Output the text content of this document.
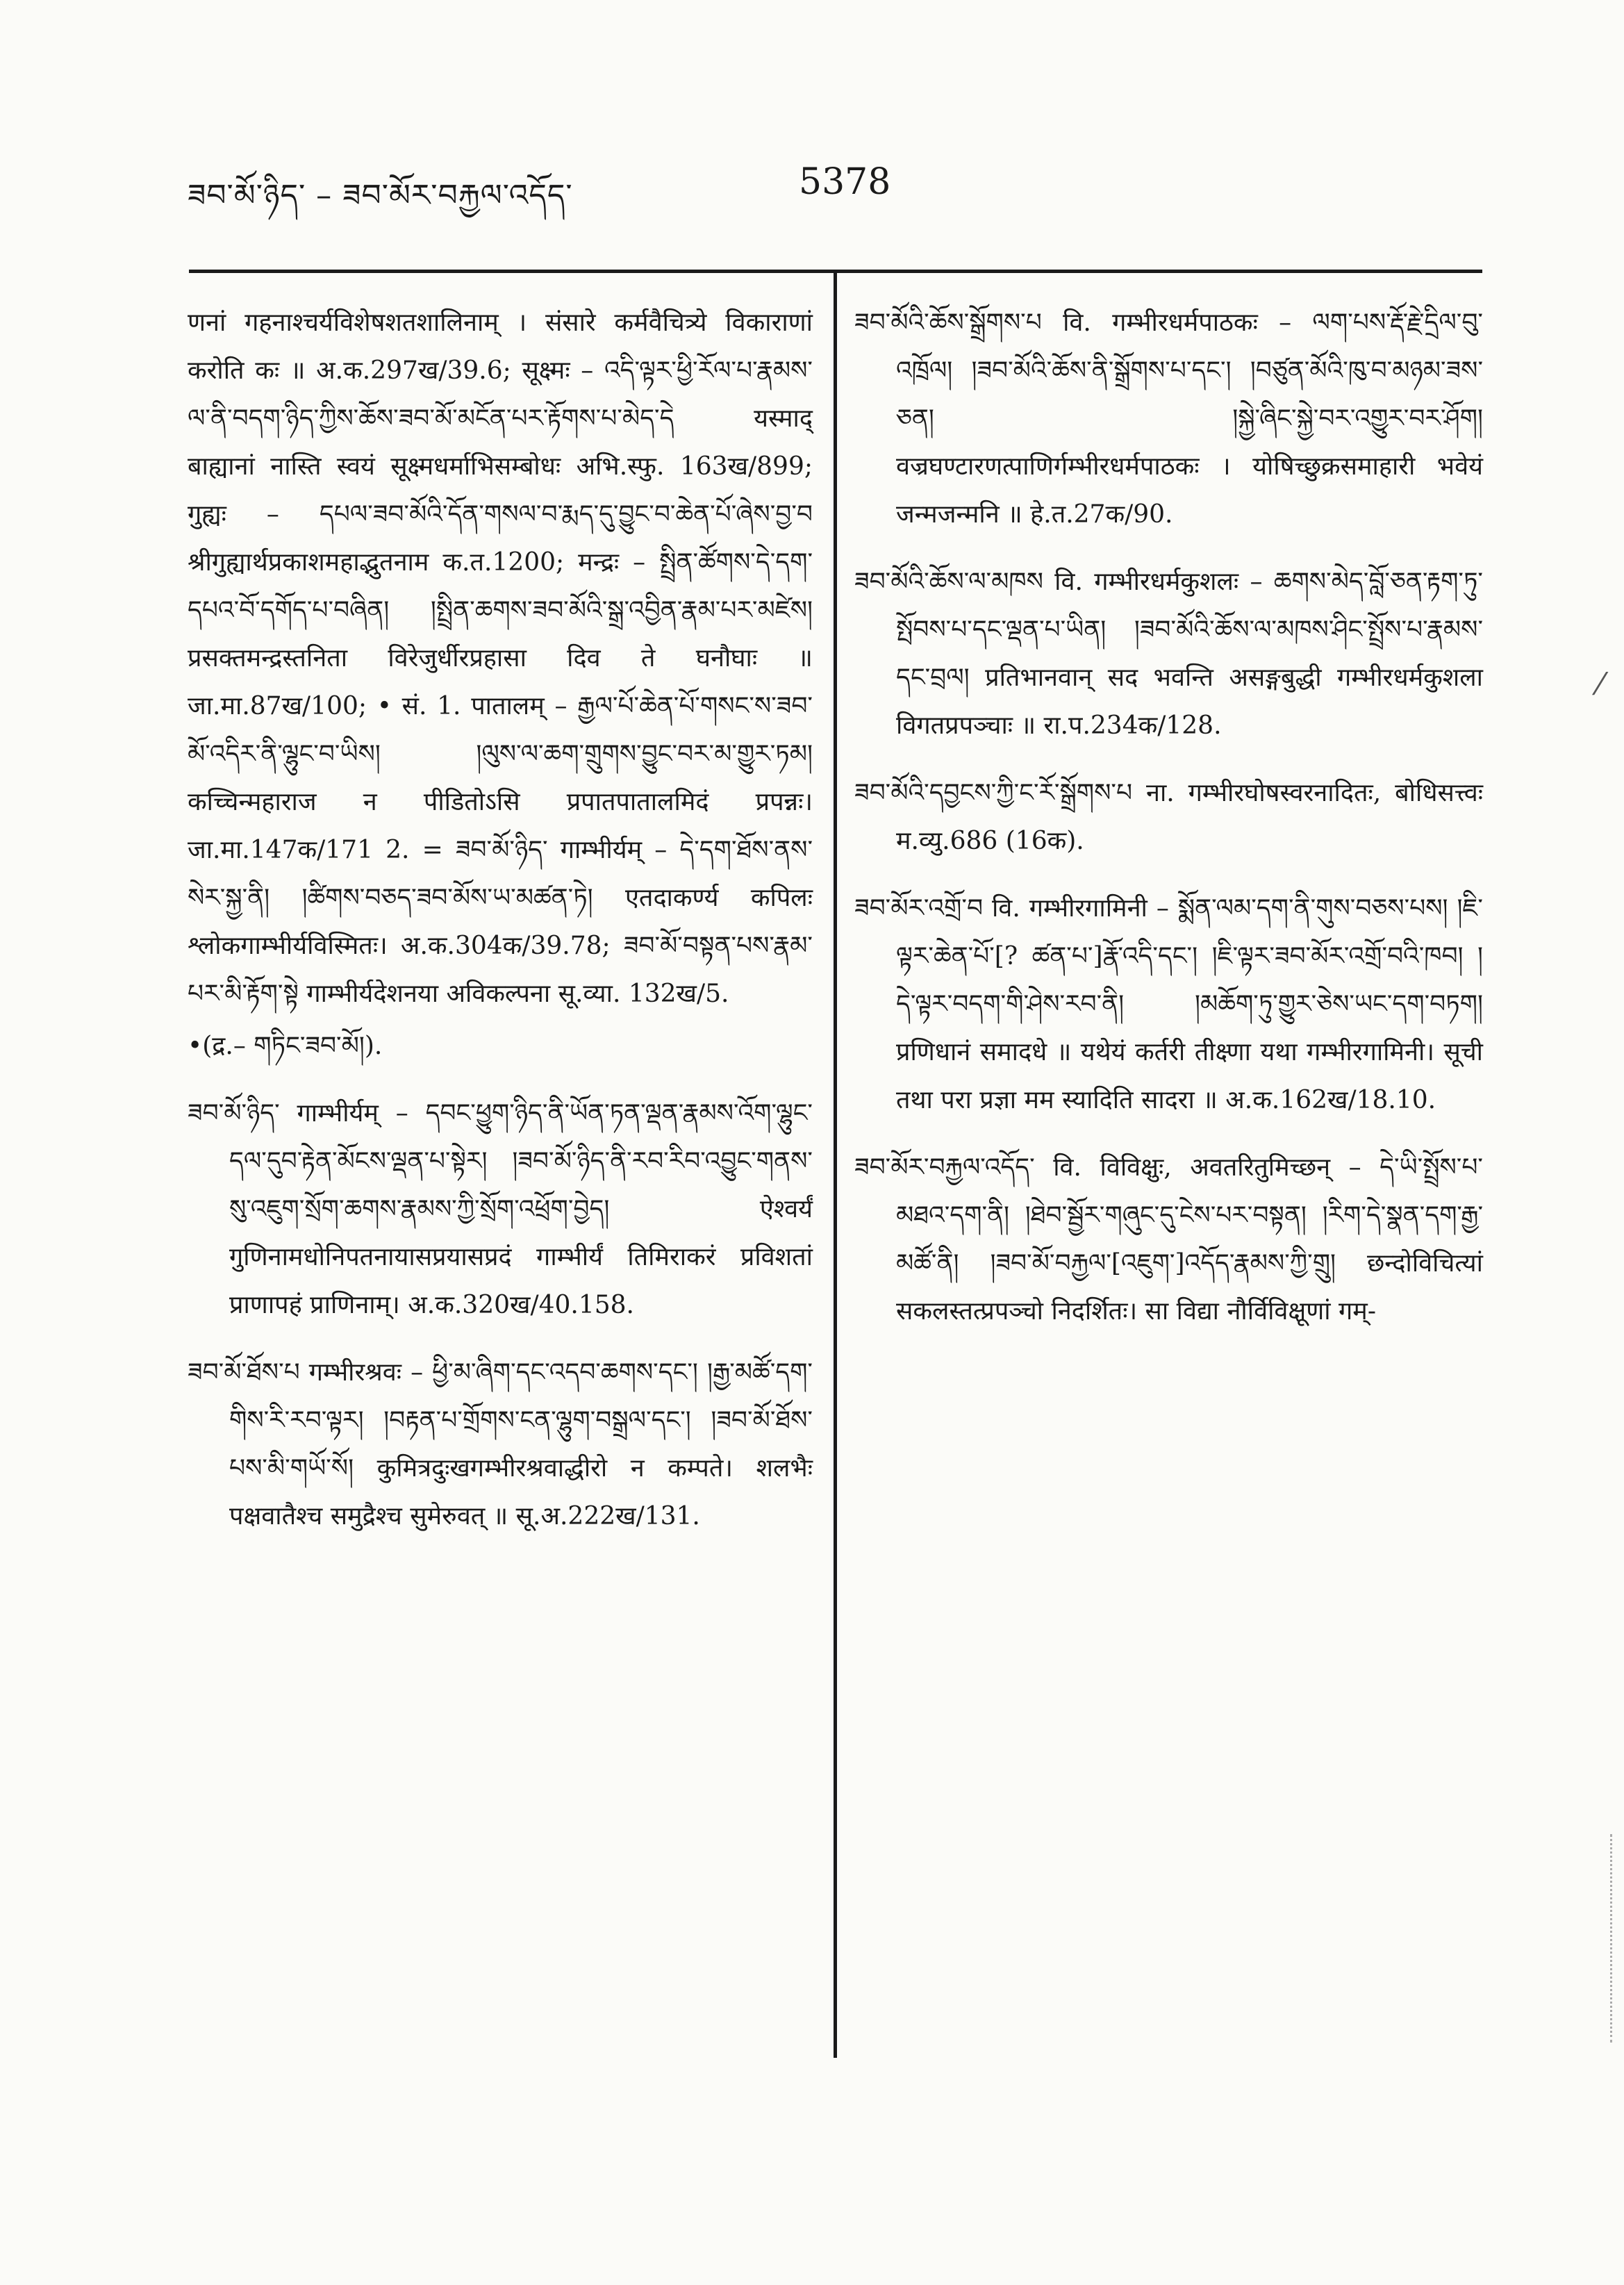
ཟབ་མོ་ཉིད་ – ཟབ་མོར་བརྐྱལ་འདོད་	5378

णनां गहनाश्चर्यविशेषशतशालिनाम् । संसारे कर्मवैचित्र्ये विकाराणां करोति कः ॥ अ.क.297ख/39.6; सूक्ष्मः – འདི་ལྟར་ཕྱི་རོལ་པ་རྣམས་ལ་ནི་བདག་ཉིད་ཀྱིས་ཆོས་ཟབ་མོ་མངོན་པར་རྟོགས་པ་མེད་དེ यस्माद् बाह्यानां नास्ति स्वयं सूक्ष्मधर्माभिसम्बोधः अभि.स्फु. 163ख/899; गुह्यः – དཔལ་ཟབ་མོའི་དོན་གསལ་བ་རྨད་དུ་བྱུང་བ་ཆེན་པོ་ཞེས་བྱ་བ श्रीगुह्यार्थप्रकाशमहाद्भुतनाम क.त.1200; मन्द्रः – སྤྲིན་ཚོགས་དེ་དག་དཔའ་བོ་དགོད་པ་བཞིན། །སྤྲིན་ཆགས་ཟབ་མོའི་སྒྲ་འབྱིན་རྣམ་པར་མཛེས། प्रसक्तमन्द्रस्तनिता विरेजुर्धीरप्रहासा दिव ते घनौघाः ॥ जा.मा.87ख/100; • सं. 1. पातालम् – རྒྱལ་པོ་ཆེན་པོ་གསང་ས་ཟབ་མོ་འདིར་ནི་ལྷུང་བ་ཡིས། །ལུས་ལ་ཆག་གྲུགས་བྱུང་བར་མ་གྱུར་ཏམ། कच्चिन्महाराज न पीडितोऽसि प्रपातपातालमिदं प्रपन्नः। जा.मा.147क/171 2. = ཟབ་མོ་ཉིད་ गाम्भीर्यम् – དེ་དག་ཐོས་ནས་སེར་སྐྱ་ནི། །ཚིགས་བཅད་ཟབ་མོས་ཡ་མཚན་ཏེ། एतदाकर्ण्य कपिलः श्लोकगाम्भीर्यविस्मितः। अ.क.304क/39.78; ཟབ་མོ་བསྟན་པས་རྣམ་པར་མི་རྟོག་སྟེ गाम्भीर्यदेशनया अविकल्पना सू.व्या. 132ख/5.

•(द्र.– གཏིང་ཟབ་མོ།).

ཟབ་མོ་ཉིད་ गाम्भीर्यम् – དབང་ཕྱུག་ཉིད་ནི་ཡོན་ཏན་ལྡན་རྣམས་འོག་ལྷུང་དལ་དུབ་རྟེན་མོངས་ལྡན་པ་སྟེར། །ཟབ་མོ་ཉིད་ནི་རབ་རིབ་འབྱུང་གནས་སུ་འཇུག་སྲོག་ཆགས་རྣམས་ཀྱི་སྲོག་འཕྲོག་བྱེད། ऐश्वर्यं गुणिनामधोनिपतनायासप्रयासप्रदं गाम्भीर्यं तिमिराकरं प्रविशतां प्राणापहं प्राणिनाम्। अ.क.320ख/40.158.

ཟབ་མོ་ཐོས་པ गम्भीरश्रवः – ཕྱི་མ་ཞིག་དང་འདབ་ཆགས་དང་། །རྒྱ་མཚོ་དག་གིས་རི་རབ་ལྟར། །བརྟན་པ་གྲོགས་ངན་ལྷུག་བསྒྲལ་དང་། །ཟབ་མོ་ཐོས་པས་མི་གཡོ་སོ། कुमित्रदुःखगम्भीरश्रवाद्धीरो न कम्पते। शलभैः पक्षवातैश्च समुद्रैश्च सुमेरुवत् ॥ सू.अ.222ख/131.

ཟབ་མོའི་ཆོས་སྒྲོགས་པ वि. गम्भीरधर्मपाठकः – ལག་པས་རྡོ་རྗེ་དྲིལ་བུ་འཁྲོལ། །ཟབ་མོའི་ཆོས་ནི་སྒྲོགས་པ་དང་། །བཙུན་མོའི་ཁུ་བ་མཉམ་ཟས་ཅན། །སྐྱེ་ཞིང་སྐྱེ་བར་འགྱུར་བར་ཤོག། वज्रघण्टारणत्पाणिर्गम्भीरधर्मपाठकः । योषिच्छुक्रसमाहारी भवेयं जन्मजन्मनि ॥ हे.त.27क/90.

ཟབ་མོའི་ཆོས་ལ་མཁས वि. गम्भीरधर्मकुशलः – ཆགས་མེད་བློ་ཅན་རྟག་ཏུ་སྤོབས་པ་དང་ལྡན་པ་ཡིན། །ཟབ་མོའི་ཆོས་ལ་མཁས་ཤིང་སྤྲོས་པ་རྣམས་དང་བྲལ། प्रतिभानवान् सद भवन्ति असङ्गबुद्धी गम्भीरधर्मकुशला विगतप्रपञ्चाः ॥ रा.प.234क/128.

ཟབ་མོའི་དབྱངས་ཀྱི་ང་རོ་སྒྲོགས་པ ना. गम्भीरघोषस्वरनादितः, बोधिसत्त्वः म.व्यु.686 (16क).

ཟབ་མོར་འགྲོ་བ वि. गम्भीरगामिनी – སྨོན་ལམ་དག་ནི་གུས་བཅས་པས། །ཇི་ལྟར་ཆེན་པོ་[? ཚན་པ་]རྣོ་འདི་དང་། །ཇི་ལྟར་ཟབ་མོར་འགྲོ་བའི་ཁབ། །དེ་ལྟར་བདག་གི་ཤེས་རབ་ནི། །མཆོག་ཏུ་གྱུར་ཅེས་ཡང་དག་བཏག། प्रणिधानं समादधे ॥ यथेयं कर्तरी तीक्ष्णा यथा गम्भीरगामिनी। सूची तथा परा प्रज्ञा मम स्यादिति सादरा ॥ अ.क.162ख/18.10.

ཟབ་མོར་བརྐྱལ་འདོད་ वि. विविक्षुः, अवतरितुमिच्छन् – དེ་ཡི་སྤྲོས་པ་མཐའ་དག་ནི། །ཐེབ་སྦྱོར་གཞུང་དུ་ངེས་པར་བསྟན། །རིག་དེ་སྣན་དག་རྒྱ་མཚོ་ནི། །ཟབ་མོ་བརྐྱལ་[འཇུག་]འདོད་རྣམས་ཀྱི་གྲུ། छन्दोविचित्यां सकलस्तत्प्रपञ्चो निदर्शितः। सा विद्या नौर्विविक्षूणां गम्-

⁄
